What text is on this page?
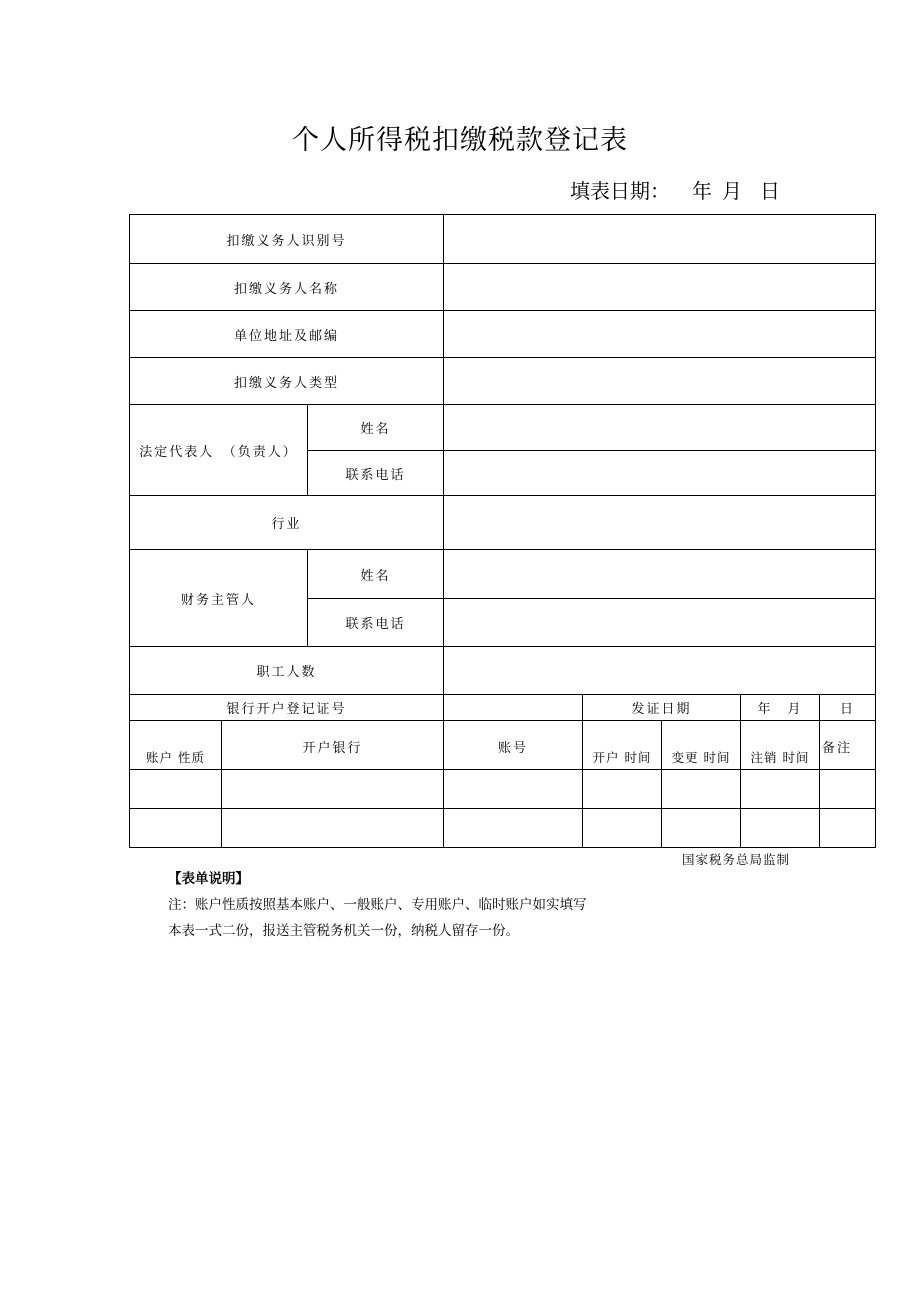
个人所得税扣缴税款登记表
填表日期： 年 月 日
扣缴义务人识别号							
扣缴义务人名称							
单位地址及邮编							
扣缴义务人类型							
法定代表人　（负责人）		姓名					
		联系电话					
行业							
财务主管人		姓名					
		联系电话					
职工人数							
银行开户登记证号				发证日期		年　月	日
账户 性质	开户银行		账号	开户 时间	变更 时间	注销 时间	备注

国家税务总局监制
【表单说明】
注：账户性质按照基本账户、一般账户、专用账户、临时账户如实填写
本表一式二份，报送主管税务机关一份，纳税人留存一份。
